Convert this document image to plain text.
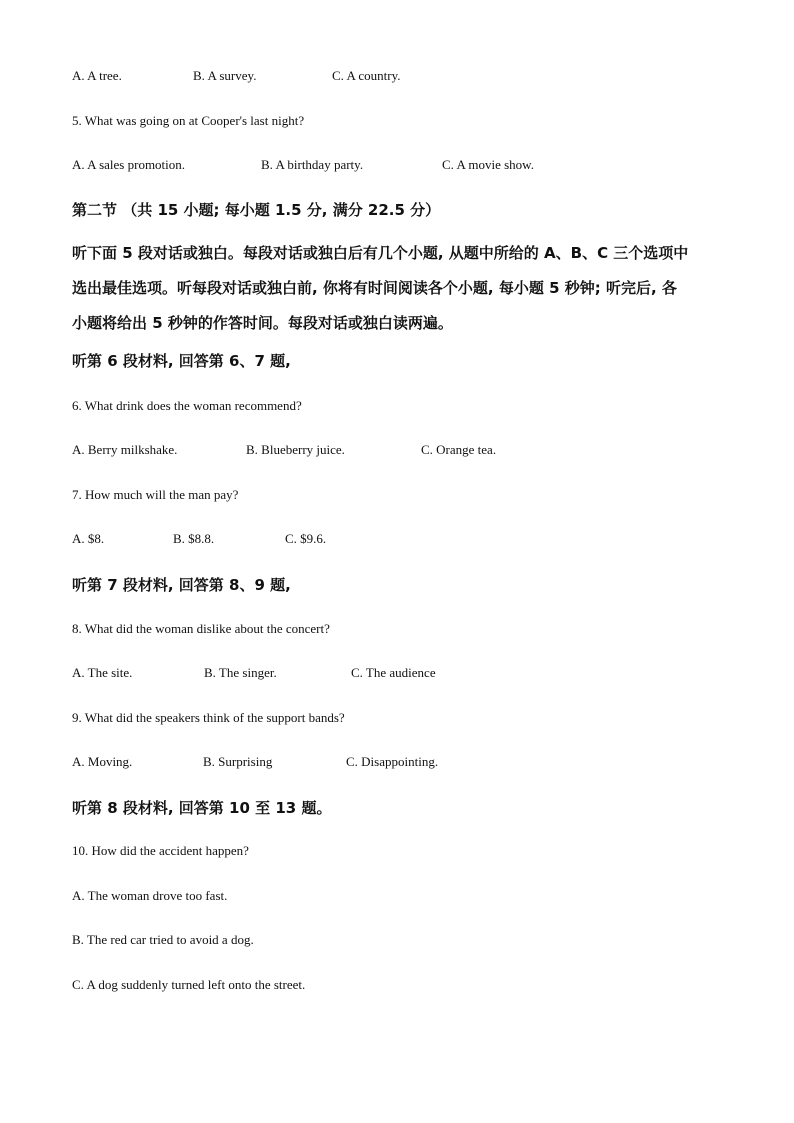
A. A tree.	B. A survey.	C. A country.
5. What was going on at Cooper's last night?
A. A sales promotion.	B. A birthday party.	C. A movie show.
第二节 （共 15 小题; 每小题 1.5 分, 满分 22.5 分）
听下面 5 段对话或独白。每段对话或独白后有几个小题, 从题中所给的 A、B、C 三个选项中
选出最佳选项。听每段对话或独白前, 你将有时间阅读各个小题, 每小题 5 秒钟; 听完后, 各
小题将给出 5 秒钟的作答时间。每段对话或独白读两遍。
听第 6 段材料, 回答第 6、7 题,
6. What drink does the woman recommend?
A. Berry milkshake.	B. Blueberry juice.	C. Orange tea.
7. How much will the man pay?
A. $8.	B. $8.8.	C. $9.6.
听第 7 段材料, 回答第 8、9 题,
8. What did the woman dislike about the concert?
A. The site.	B. The singer.	C. The audience
9. What did the speakers think of the support bands?
A. Moving.	B. Surprising	C. Disappointing.
听第 8 段材料, 回答第 10 至 13 题。
10. How did the accident happen?
A. The woman drove too fast.
B. The red car tried to avoid a dog.
C. A dog suddenly turned left onto the street.
